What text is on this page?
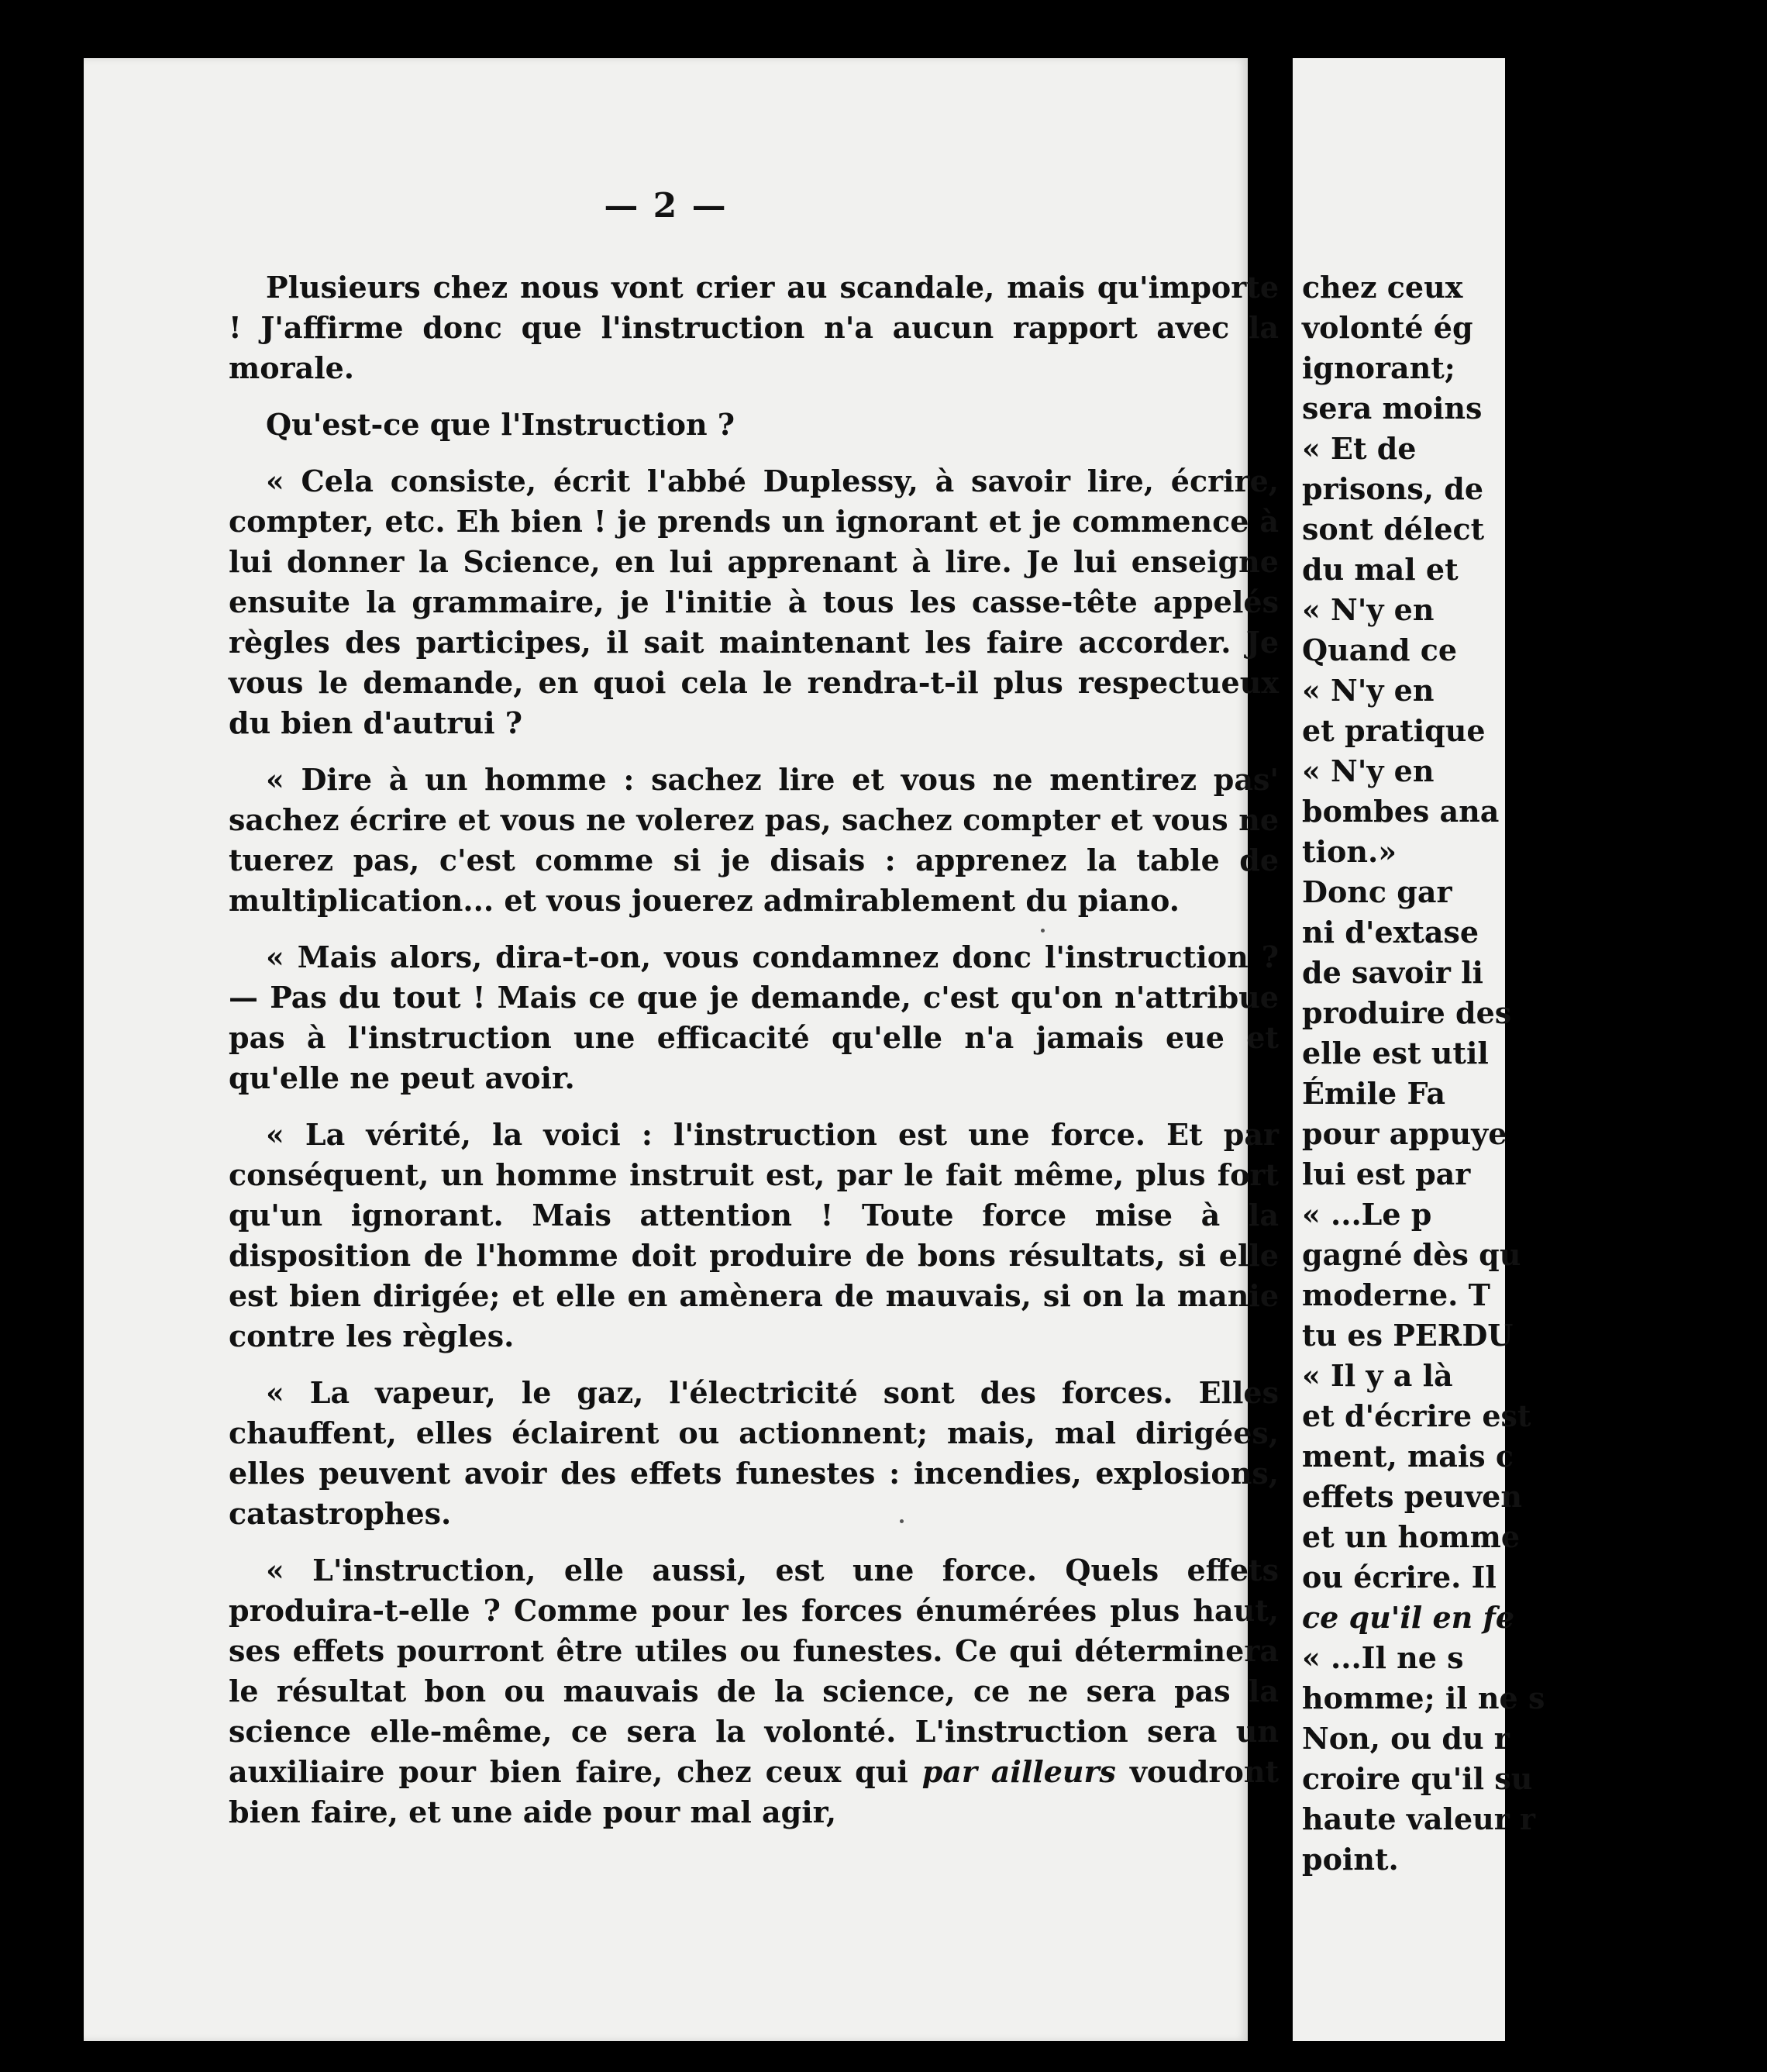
— 2 —

Plusieurs chez nous vont crier au scandale, mais qu'importe ! J'affirme donc que l'instruction n'a aucun rapport avec la morale.

Qu'est-ce que l'Instruction ?

« Cela consiste, écrit l'abbé Duplessy, à savoir lire, écrire, compter, etc. Eh bien ! je prends un ignorant et je commence à lui donner la Science, en lui apprenant à lire. Je lui enseigne ensuite la grammaire, je l'initie à tous les casse-tête appelés règles des participes, il sait maintenant les faire accorder. Je vous le demande, en quoi cela le rendra-t-il plus respectueux du bien d'autrui ?

« Dire à un homme : sachez lire et vous ne mentirez pas' sachez écrire et vous ne volerez pas, sachez compter et vous ne tuerez pas, c'est comme si je disais : apprenez la table de multiplication... et vous jouerez admirablement du piano.

« Mais alors, dira-t-on, vous condamnez donc l'instruction ? — Pas du tout ! Mais ce que je demande, c'est qu'on n'attribue pas à l'instruction une efficacité qu'elle n'a jamais eue et qu'elle ne peut avoir.

« La vérité, la voici : l'instruction est une force. Et par conséquent, un homme instruit est, par le fait même, plus fort qu'un ignorant. Mais attention ! Toute force mise à la disposition de l'homme doit produire de bons résultats, si elle est bien dirigée; et elle en amènera de mauvais, si on la manie contre les règles.

« La vapeur, le gaz, l'électricité sont des forces. Elles chauffent, elles éclairent ou actionnent; mais, mal dirigées, elles peuvent avoir des effets funestes : incendies, explosions, catastrophes.

« L'instruction, elle aussi, est une force. Quels effets produira-t-elle ? Comme pour les forces énumérées plus haut, ses effets pourront être utiles ou funestes. Ce qui déterminera le résultat bon ou mauvais de la science, ce ne sera pas la science elle-même, ce sera la volonté. L'instruction sera un auxiliaire pour bien faire, chez ceux qui par ailleurs voudront bien faire, et une aide pour mal agir,

chez ceux
volonté ég
ignorant;
sera moins
« Et de
prisons, de
sont délect
du mal et
« N'y en
Quand ce
« N'y en
et pratique
« N'y en
bombes ana
tion.»
Donc gar
ni d'extase
de savoir li
produire des
elle est util
Émile Fa
pour appuye
lui est par
« ...Le p
gagné dès qu
moderne. T
tu es PERDU
« Il y a là
et d'écrire est
ment, mais c
effets peuven
et un homme
ou écrire. Il
ce qu'il en fe
« ...Il ne s
homme; il ne s
Non, ou du r
croire qu'il su
haute valeur r
point.
